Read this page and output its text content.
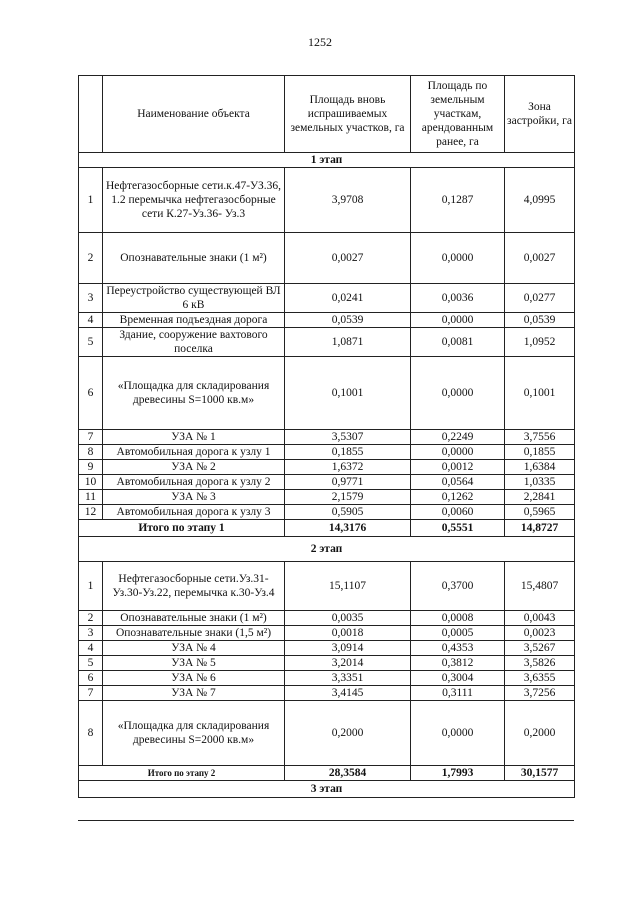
1252
	Наименование объекта	Площадь вновь испрашиваемых земельных участков, га	Площадь по земельным участкам, арендованным ранее, га	Зона застройки, га
1 этап				
1	Нефтегазосборные сети.к.47-УЗ.36, 1.2 перемычка нефтегазосборные сети К.27-Уз.36- Уз.3	3,9708	0,1287	4,0995
2	Опознавательные знаки (1 м²)	0,0027	0,0000	0,0027
3	Переустройство существующей ВЛ 6 кВ	0,0241	0,0036	0,0277
4	Временная подъездная дорога	0,0539	0,0000	0,0539
5	Здание, сооружение вахтового поселка	1,0871	0,0081	1,0952
6	«Площадка для складирования древесины S=1000 кв.м»	0,1001	0,0000	0,1001
7	УЗА № 1	3,5307	0,2249	3,7556
8	Автомобильная дорога к узлу 1	0,1855	0,0000	0,1855
9	УЗА № 2	1,6372	0,0012	1,6384
10	Автомобильная дорога к узлу 2	0,9771	0,0564	1,0335
11	УЗА № 3	2,1579	0,1262	2,2841
12	Автомобильная дорога к узлу 3	0,5905	0,0060	0,5965
Итого по этапу 1		14,3176	0,5551	14,8727
2 этап				
1	Нефтегазосборные сети.Уз.31-Уз.30-Уз.22, перемычка к.30-Уз.4	15,1107	0,3700	15,4807
2	Опознавательные знаки (1 м²)	0,0035	0,0008	0,0043
3	Опознавательные знаки (1,5 м²)	0,0018	0,0005	0,0023
4	УЗА № 4	3,0914	0,4353	3,5267
5	УЗА № 5	3,2014	0,3812	3,5826
6	УЗА № 6	3,3351	0,3004	3,6355
7	УЗА № 7	3,4145	0,3111	3,7256
8	«Площадка для складирования древесины S=2000 кв.м»	0,2000	0,0000	0,2000
Итого по этапу 2		28,3584	1,7993	30,1577
3 этап				
